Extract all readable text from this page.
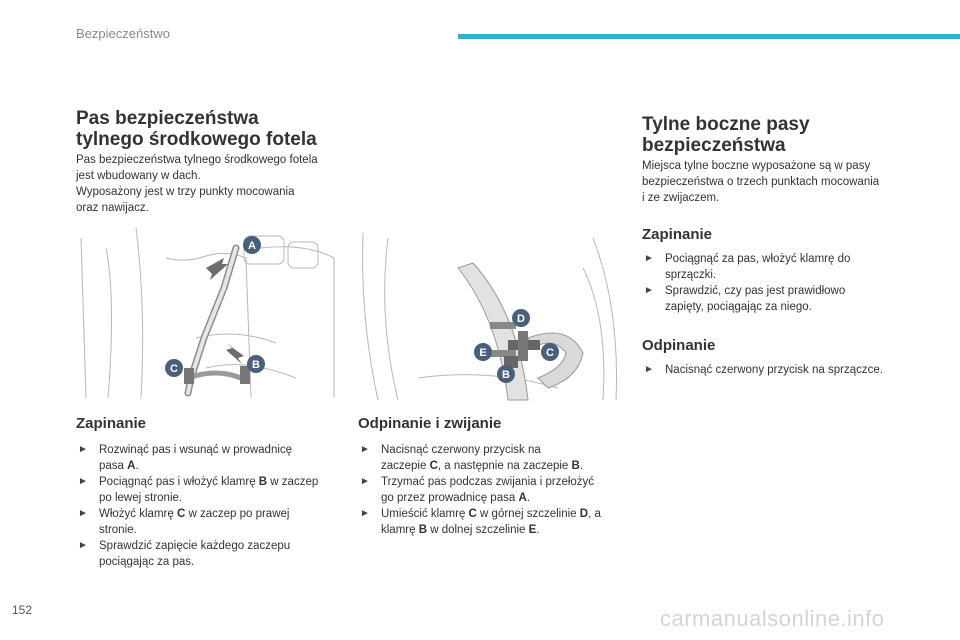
Bezpieczeństwo
Pas bezpieczeństwa
tylnego środkowego fotela

Pas bezpieczeństwa tylnego środkowego fotela

jest wbudowany w dach.

Wyposażony jest w trzy punkty mocowania

oraz nawijacz.

A
B
C
Zapinanie
► Rozwinąć pas i wsunąć w prowadnicę
pasa A.
► Pociągnąć pas i włożyć klamrę B w zaczep
po lewej stronie.
► Włożyć klamrę C w zaczep po prawej
stronie.
► Sprawdzić zapięcie każdego zaczepu
pociągając za pas.
D
E	C
B
Odpinanie i zwijanie
► Nacisnąć czerwony przycisk na
zaczepie C, a następnie na zaczepie B.
► Trzymać pas podczas zwijania i przełożyć
go przez prowadnicę pasa A.
► Umieścić klamrę C w górnej szczelinie D, a
klamrę B w dolnej szczelinie E.
Tylne boczne pasy
bezpieczeństwa

Miejsca tylne boczne wyposażone są w pasy

bezpieczeństwa o trzech punktach mocowania

i ze zwijaczem.

Zapinanie
► Pociągnąć za pas, włożyć klamrę do
sprzączki.
► Sprawdzić, czy pas jest prawidłowo
zapięty, pociągając za niego.
Odpinanie
► Nacisnąć czerwony przycisk na sprzączce.
152	carmanualsonline.info
